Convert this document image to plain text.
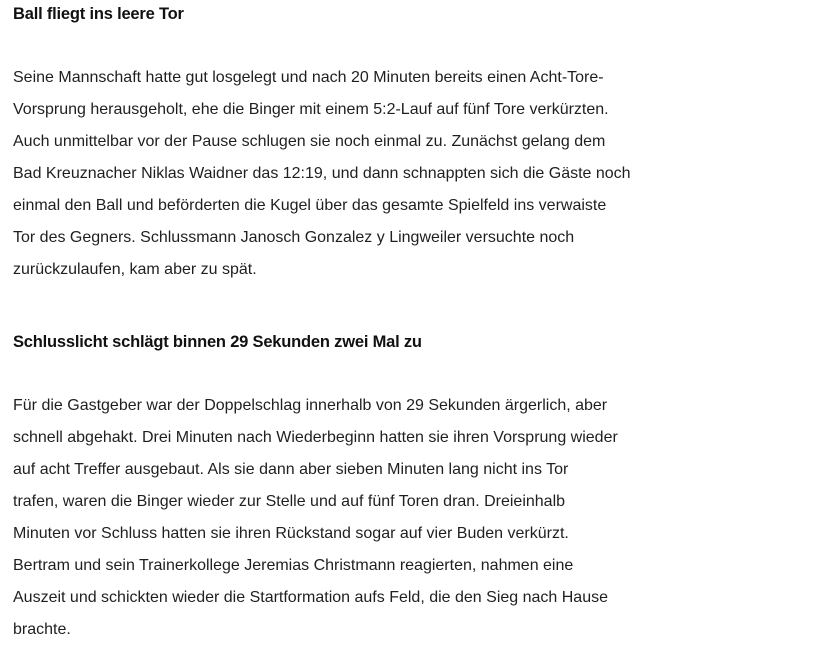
Ball fliegt ins leere Tor

Seine Mannschaft hatte gut losgelegt und nach 20 Minuten bereits einen Acht-Tore-
Vorsprung herausgeholt, ehe die Binger mit einem 5:2-Lauf auf fünf Tore verkürzten.
Auch unmittelbar vor der Pause schlugen sie noch einmal zu. Zunächst gelang dem
Bad Kreuznacher Niklas Waidner das 12:19, und dann schnappten sich die Gäste noch
einmal den Ball und beförderten die Kugel über das gesamte Spielfeld ins verwaiste
Tor des Gegners. Schlussmann Janosch Gonzalez y Lingweiler versuchte noch
zurückzulaufen, kam aber zu spät.

Schlusslicht schlägt binnen 29 Sekunden zwei Mal zu

Für die Gastgeber war der Doppelschlag innerhalb von 29 Sekunden ärgerlich, aber
schnell abgehakt. Drei Minuten nach Wiederbeginn hatten sie ihren Vorsprung wieder
auf acht Treffer ausgebaut. Als sie dann aber sieben Minuten lang nicht ins Tor
trafen, waren die Binger wieder zur Stelle und auf fünf Toren dran. Dreieinhalb
Minuten vor Schluss hatten sie ihren Rückstand sogar auf vier Buden verkürzt.
Bertram und sein Trainerkollege Jeremias Christmann reagierten, nahmen eine
Auszeit und schickten wieder die Startformation aufs Feld, die den Sieg nach Hause
brachte.
